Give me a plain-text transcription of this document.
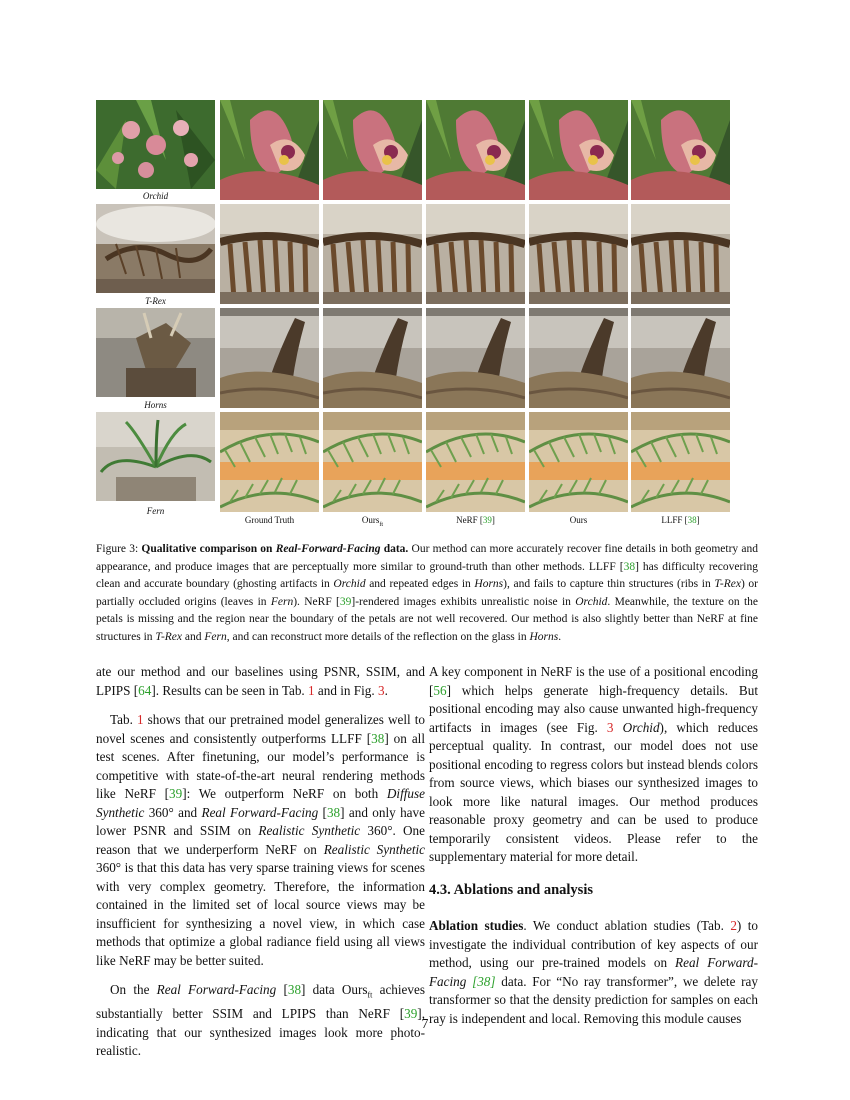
Orchid
T-Rex
Horns
Fern
Ground Truth	Ours$_{ft}$	NeRF [39]	Ours	LLFF [38]
Figure 3: Qualitative comparison on Real-Forward-Facing data. Our method can more accurately recover fine details in both geometry and appearance, and produce images that are perceptually more similar to ground-truth than other methods. LLFF [38] has difficulty recovering clean and accurate boundary (ghosting artifacts in Orchid and repeated edges in Horns), and fails to capture thin structures (ribs in T-Rex) or partially occluded origins (leaves in Fern). NeRF [39]-rendered images exhibits unrealistic noise in Orchid. Meanwhile, the texture on the petals is missing and the region near the boundary of the petals are not well recovered. Our method is also slightly better than NeRF at fine structures in T-Rex and Fern, and can reconstruct more details of the reflection on the glass in Horns.

ate our method and our baselines using PSNR, SSIM, and LPIPS [64]. Results can be seen in Tab. 1 and in Fig. 3.

Tab. 1 shows that our pretrained model generalizes well to novel scenes and consistently outperforms LLFF [38] on all test scenes. After finetuning, our model’s performance is competitive with state-of-the-art neural rendering methods like NeRF [39]: We outperform NeRF on both Diffuse Synthetic 360° and Real Forward-Facing [38] and only have lower PSNR and SSIM on Realistic Synthetic 360°. One reason that we underperform NeRF on Realistic Synthetic 360° is that this data has very sparse training views for scenes with very complex geometry. Therefore, the information contained in the limited set of local source views may be insufficient for synthesizing a novel view, in which case methods that optimize a global radiance field using all views like NeRF may be better suited.

On the Real Forward-Facing [38] data Ours$_{ft}$ achieves substantially better SSIM and LPIPS than NeRF [39], indicating that our synthesized images look more photo-realistic.

A key component in NeRF is the use of a positional encoding [56] which helps generate high-frequency details. But positional encoding may also cause unwanted high-frequency artifacts in images (see Fig. 3 Orchid), which reduces perceptual quality. In contrast, our model does not use positional encoding to regress colors but instead blends colors from source views, which biases our synthesized images to look more like natural images. Our method produces reasonable proxy geometry and can be used to produce temporarily consistent videos. Please refer to the supplementary material for more detail.

4.3. Ablations and analysis

Ablation studies. We conduct ablation studies (Tab. 2) to investigate the individual contribution of key aspects of our method, using our pre-trained models on Real Forward-Facing [38] data. For “No ray transformer”, we delete ray transformer so that the density prediction for samples on each ray is independent and local. Removing this module causes

7
